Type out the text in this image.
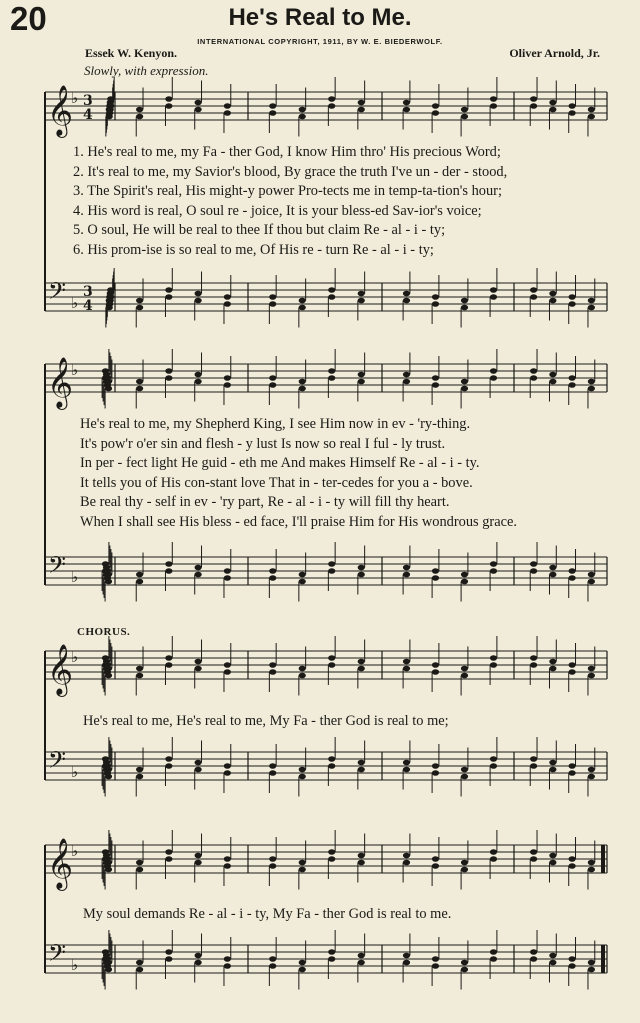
20	He's Real to Me.
INTERNATIONAL COPYRIGHT, 1911, BY W. E. BIEDERWOLF.
Essek W. Kenyon.	Oliver Arnold, Jr.
Slowly, with expression.
𝄞
♭ 3
4
𝄢 ♭
3
4
𝄞
♭
𝄢 ♭
𝄞
♭
𝄢 ♭
𝄞
♭
𝄢 ♭
1. He's real to me, my Fa - ther God, I know Him thro' His precious Word;
2. It's real to me, my Savior's blood, By grace the truth I've un - der - stood,
3. The Spirit's real, His might-y power Pro-tects me in temp-ta-tion's hour;
4. His word is real, O soul re - joice, It is your bless-ed Sav-ior's voice;
5. O soul, He will be real to thee If thou but claim Re - al - i - ty;
6. His prom-ise is so real to me, Of His re - turn Re - al - i - ty;
He's real to me, my Shepherd King, I see Him now in ev - 'ry-thing.
It's pow'r o'er sin and flesh - y lust Is now so real I ful - ly trust.
In per - fect light He guid - eth me And makes Himself Re - al - i - ty.
It tells you of His con-stant love That in - ter-cedes for you a - bove.
Be real thy - self in ev - 'ry part, Re - al - i - ty will fill thy heart.
When I shall see His bless - ed face, I'll praise Him for His wondrous grace.
CHORUS.
He's real to me, He's real to me, My Fa - ther God is real to me;
My soul demands Re - al - i - ty, My Fa - ther God is real to me.
